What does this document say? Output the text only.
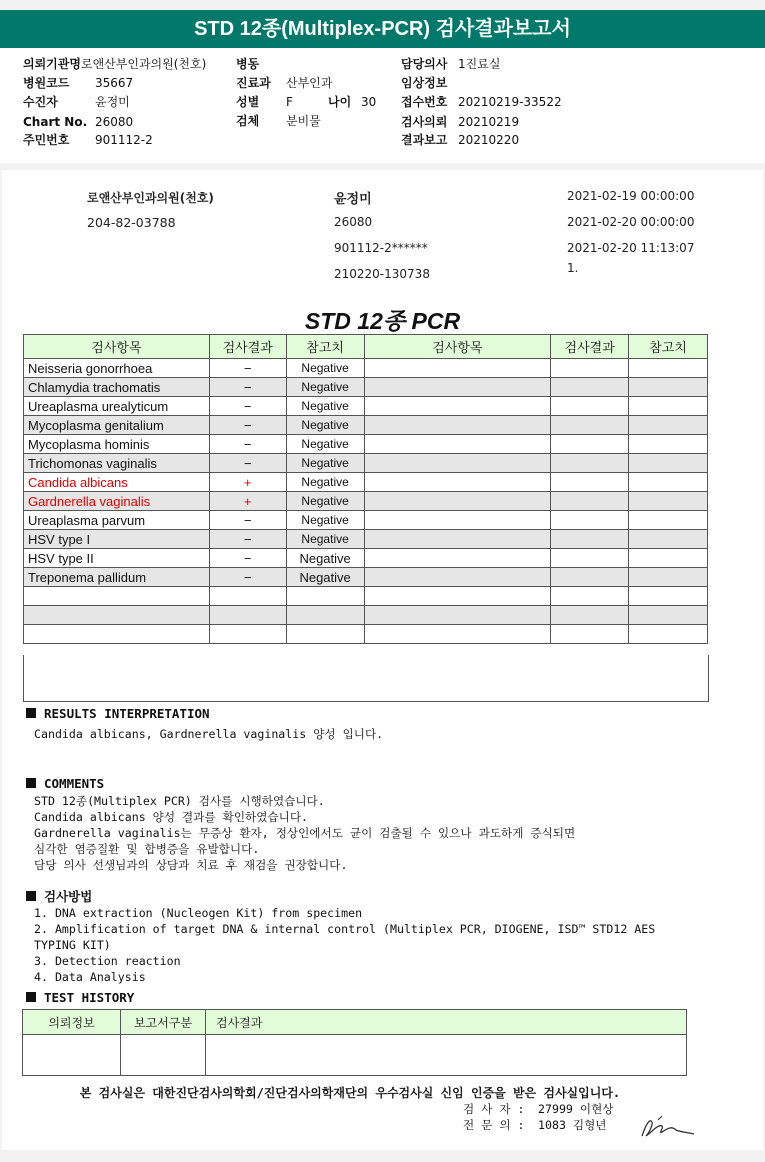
STD 12종(Multiplex-PCR) 검사결과보고서
의뢰기관명 로앤산부인과의원(천호)
병원코드 35667
수진자	윤정미
Chart No. 26080
주민번호 901112-2
병동
진료과 산부인과
성별 F	나이 30
검체 분비물
담당의사 1진료실
임상정보
접수번호 20210219-33522
검사의뢰 20210219
결과보고 20210220
로앤산부인과의원(천호)
204-82-03788
윤정미
26080
901112-2******
210220-130738
2021-02-19 00:00:00
2021-02-20 00:00:00
2021-02-20 11:13:07
1.
STD 12종 PCR
검사항목	검사결과	참고치	검사항목	검사결과	참고치
Neisseria gonorrhoea	−	Negative			
Chlamydia trachomatis	−	Negative			
Ureaplasma urealyticum	−	Negative			
Mycoplasma genitalium	−	Negative			
Mycoplasma hominis	−	Negative			
Trichomonas vaginalis	−	Negative			
Candida albicans	+	Negative			
Gardnerella vaginalis	+	Negative			
Ureaplasma parvum	−	Negative			
HSV type I	−	Negative			
HSV type II	−	Negative			
Treponema pallidum	−	Negative			

RESULTS INTERPRETATION
Candida albicans, Gardnerella vaginalis 양성 입니다.
COMMENTS
STD 12종(Multiplex PCR) 검사를 시행하였습니다.
Candida albicans 양성 결과를 확인하였습니다.
Gardnerella vaginalis는 무증상 환자, 정상인에서도 균이 검출될 수 있으나 과도하게 증식되면
심각한 염증질환 및 합병증을 유발합니다.
담당 의사 선생님과의 상담과 치료 후 재검을 권장합니다.
검사방법
1. DNA extraction (Nucleogen Kit) from specimen
2. Amplification of target DNA & internal control (Multiplex PCR, DIOGENE, ISD™ STD12 AES
TYPING KIT)
3. Detection reaction
4. Data Analysis
TEST HISTORY
의뢰정보	보고서구분	검사결과

본 검사실은 대한진단검사의학회/진단검사의학재단의 우수검사실 신임 인증을 받은 검사실입니다.
검 사 자 : 27999 이현상
전 문 의 : 1083 김형년
